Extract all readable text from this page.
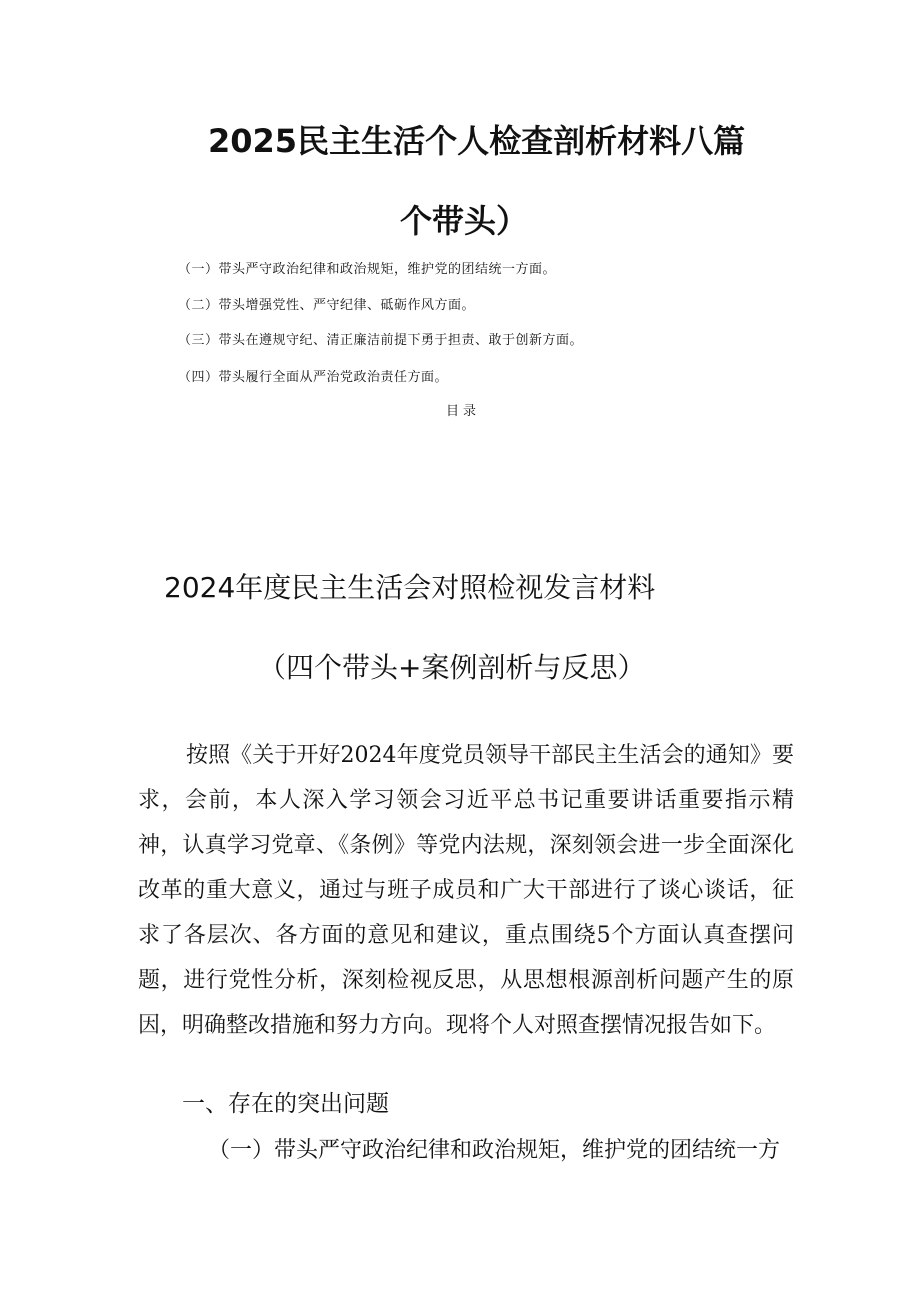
2025民主生活个人检查剖析材料八篇
个带头）
（一）带头严守政治纪律和政治规矩，维护党的团结统一方面。
（二）带头增强党性、严守纪律、砥砺作风方面。
（三）带头在遵规守纪、清正廉洁前提下勇于担责、敢于创新方面。
（四）带头履行全面从严治党政治责任方面。
目录
2024年度民主生活会对照检视发言材料
（四个带头+案例剖析与反思）

按照《关于开好2024年度党员领导干部民主生活会的通知》要求，会前，本人深入学习领会习近平总书记重要讲话重要指示精神，认真学习党章、《条例》等党内法规，深刻领会进一步全面深化改革的重大意义，通过与班子成员和广大干部进行了谈心谈话，征求了各层次、各方面的意见和建议，重点围绕5个方面认真查摆问题，进行党性分析，深刻检视反思，从思想根源剖析问题产生的原因，明确整改措施和努力方向。现将个人对照查摆情况报告如下。

一、存在的突出问题
（一）带头严守政治纪律和政治规矩，维护党的团结统一方
